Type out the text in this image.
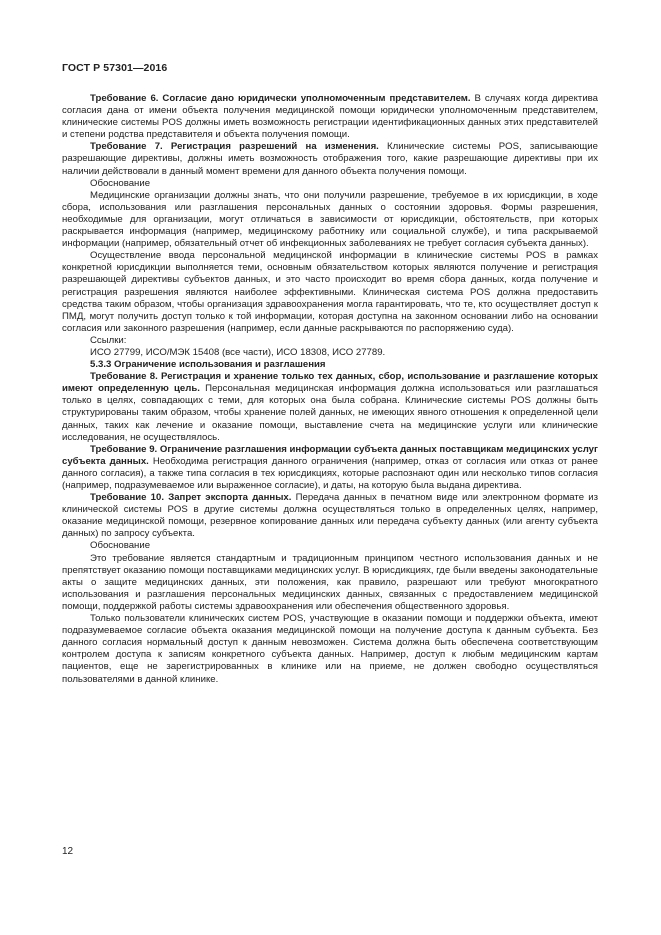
ГОСТ Р 57301—2016

Требование 6. Согласие дано юридически уполномоченным представителем. В случаях когда директива согласия дана от имени объекта получения медицинской помощи юридически уполномоченным представителем, клинические системы POS должны иметь возможность регистрации идентификационных данных этих представителей и степени родства представителя и объекта получения помощи.

Требование 7. Регистрация разрешений на изменения. Клинические системы POS, записывающие разрешающие директивы, должны иметь возможность отображения того, какие разрешающие директивы при их наличии действовали в данный момент времени для данного объекта получения помощи.

Обоснование

Медицинские организации должны знать, что они получили разрешение, требуемое в их юрисдикции, в ходе сбора, использования или разглашения персональных данных о состоянии здоровья. Формы разрешения, необходимые для организации, могут отличаться в зависимости от юрисдикции, обстоятельств, при которых раскрывается информация (например, медицинскому работнику или социальной службе), и типа раскрываемой информации (например, обязательный отчет об инфекционных заболеваниях не требует согласия субъекта данных).

Осуществление ввода персональной медицинской информации в клинические системы POS в рамках конкретной юрисдикции выполняется теми, основным обязательством которых являются получение и регистрация разрешающей директивы субъектов данных, и это часто происходит во время сбора данных, когда получение и регистрация разрешения являются наиболее эффективными. Клиническая система POS должна предоставить средства таким образом, чтобы организация здравоохранения могла гарантировать, что те, кто осуществляет доступ к ПМД, могут получить доступ только к той информации, которая доступна на законном основании либо на основании согласия или законного разрешения (например, если данные раскрываются по распоряжению суда).

Ссылки:

ИСО 27799, ИСО/МЭК 15408 (все части), ИСО 18308, ИСО 27789.

5.3.3 Ограничение использования и разглашения

Требование 8. Регистрация и хранение только тех данных, сбор, использование и разглашение которых имеют определенную цель. Персональная медицинская информация должна использоваться или разглашаться только в целях, совпадающих с теми, для которых она была собрана. Клинические системы POS должны быть структурированы таким образом, чтобы хранение полей данных, не имеющих явного отношения к определенной цели данных, таких как лечение и оказание помощи, выставление счета на медицинские услуги или клинические исследования, не осуществлялось.

Требование 9. Ограничение разглашения информации субъекта данных поставщикам медицинских услуг субъекта данных. Необходима регистрация данного ограничения (например, отказ от согласия или отказ от ранее данного согласия), а также типа согласия в тех юрисдикциях, которые распознают один или несколько типов согласия (например, подразумеваемое или выраженное согласие), и даты, на которую была выдана директива.

Требование 10. Запрет экспорта данных. Передача данных в печатном виде или электронном формате из клинической системы POS в другие системы должна осуществляться только в определенных целях, например, оказание медицинской помощи, резервное копирование данных или передача субъекту данных (или агенту субъекта данных) по запросу субъекта.

Обоснование

Это требование является стандартным и традиционным принципом честного использования данных и не препятствует оказанию помощи поставщиками медицинских услуг. В юрисдикциях, где были введены законодательные акты о защите медицинских данных, эти положения, как правило, разрешают или требуют многократного использования и разглашения персональных медицинских данных, связанных с предоставлением медицинской помощи, поддержкой работы системы здравоохранения или обеспечения общественного здоровья.

Только пользователи клинических систем POS, участвующие в оказании помощи и поддержки объекта, имеют подразумеваемое согласие объекта оказания медицинской помощи на получение доступа к данным субъекта. Без данного согласия нормальный доступ к данным невозможен. Система должна быть обеспечена соответствующим контролем доступа к записям конкретного субъекта данных. Например, доступ к любым медицинским картам пациентов, еще не зарегистрированных в клинике или на приеме, не должен свободно осуществляться пользователями в данной клинике.

12
